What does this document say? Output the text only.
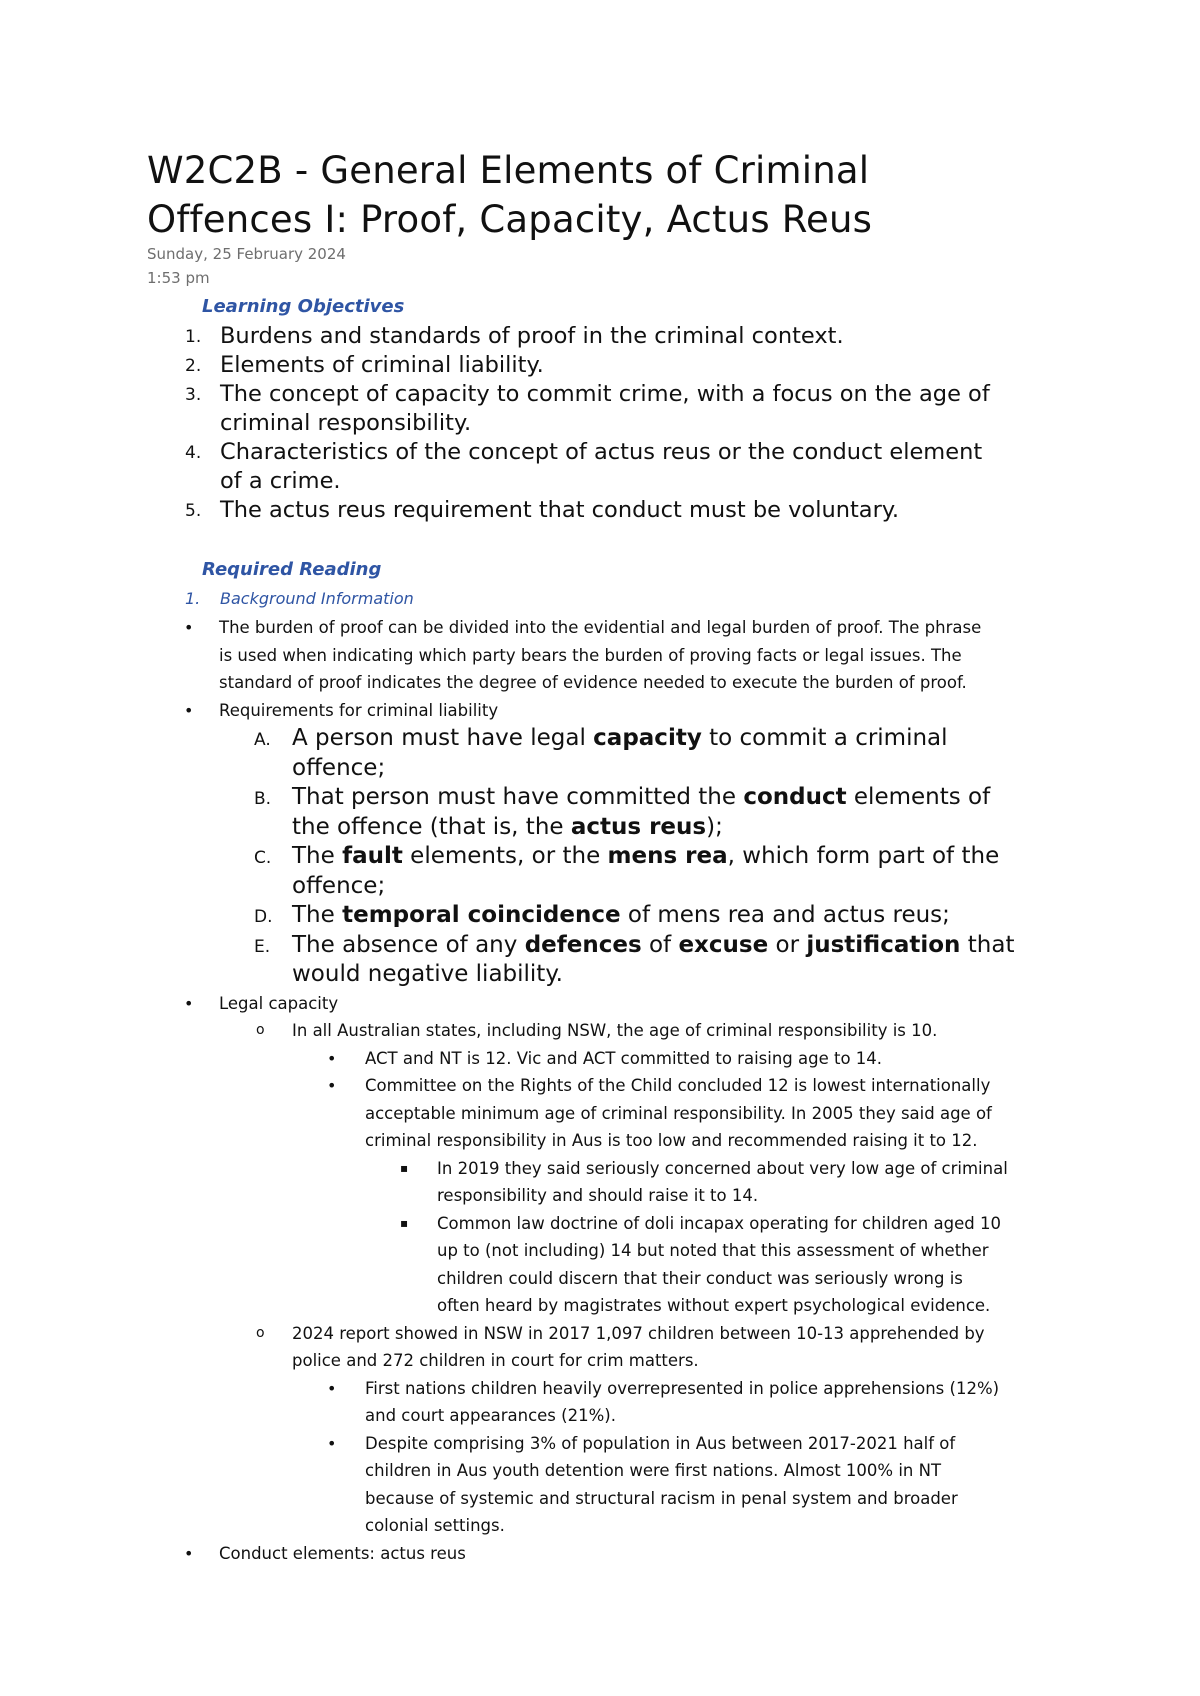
W2C2B - General Elements of Criminal
Offences I: Proof, Capacity, Actus Reus
Sunday, 25 February 2024
1:53 pm
Learning Objectives
1. Burdens and standards of proof in the criminal context.
2. Elements of criminal liability.
3. The concept of capacity to commit crime, with a focus on the age of
criminal responsibility.
4. Characteristics of the concept of actus reus or the conduct element
of a crime.
5. The actus reus requirement that conduct must be voluntary.
Required Reading
1. Background Information
• The burden of proof can be divided into the evidential and legal burden of proof. The phrase
is used when indicating which party bears the burden of proving facts or legal issues. The
standard of proof indicates the degree of evidence needed to execute the burden of proof.
• Requirements for criminal liability
A. A person must have legal capacity to commit a criminal
offence;
B. That person must have committed the conduct elements of
the offence (that is, the actus reus);
C. The fault elements, or the mens rea, which form part of the
offence;
D. The temporal coincidence of mens rea and actus reus;
E. The absence of any defences of excuse or justification that
would negative liability.
• Legal capacity
o In all Australian states, including NSW, the age of criminal responsibility is 10.
• ACT and NT is 12. Vic and ACT committed to raising age to 14.
• Committee on the Rights of the Child concluded 12 is lowest internationally
acceptable minimum age of criminal responsibility. In 2005 they said age of
criminal responsibility in Aus is too low and recommended raising it to 12.
▪ In 2019 they said seriously concerned about very low age of criminal
responsibility and should raise it to 14.
▪ Common law doctrine of doli incapax operating for children aged 10
up to (not including) 14 but noted that this assessment of whether
children could discern that their conduct was seriously wrong is
often heard by magistrates without expert psychological evidence.
o 2024 report showed in NSW in 2017 1,097 children between 10-13 apprehended by
police and 272 children in court for crim matters.
• First nations children heavily overrepresented in police apprehensions (12%)
and court appearances (21%).
• Despite comprising 3% of population in Aus between 2017-2021 half of
children in Aus youth detention were first nations. Almost 100% in NT
because of systemic and structural racism in penal system and broader
colonial settings.
• Conduct elements: actus reus
